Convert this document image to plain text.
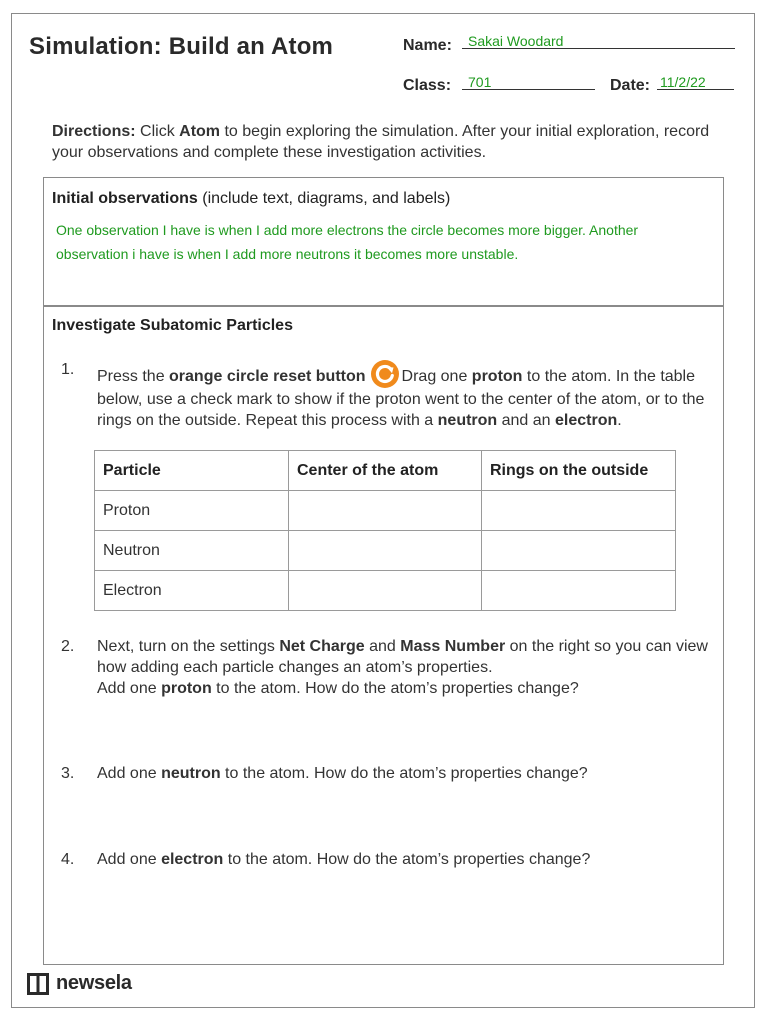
Simulation: Build an Atom	Name: Sakai Woodard
Class: 701	Date: 11/2/22
Directions: Click Atom to begin exploring the simulation. After your initial exploration, record your observations and complete these investigation activities.
Initial observations (include text, diagrams, and labels)
One observation I have is when I add more electrons the circle becomes more bigger. Another observation i have is when I add more neutrons it becomes more unstable.
Investigate Subatomic Particles
1.	Press the orange circle reset button Drag one proton to the atom. In the table below, use a check mark to show if the proton went to the center of the atom, or to the rings on the outside. Repeat this process with a neutron and an electron.
Particle	Center of the atom	Rings on the outside
Proton		
Neutron		
Electron		
2.	Next, turn on the settings Net Charge and Mass Number on the right so you can view how adding each particle changes an atom’s properties.
Add one proton to the atom. How do the atom’s properties change?
3.	Add one neutron to the atom. How do the atom’s properties change?
4.	Add one electron to the atom. How do the atom’s properties change?
newsela
